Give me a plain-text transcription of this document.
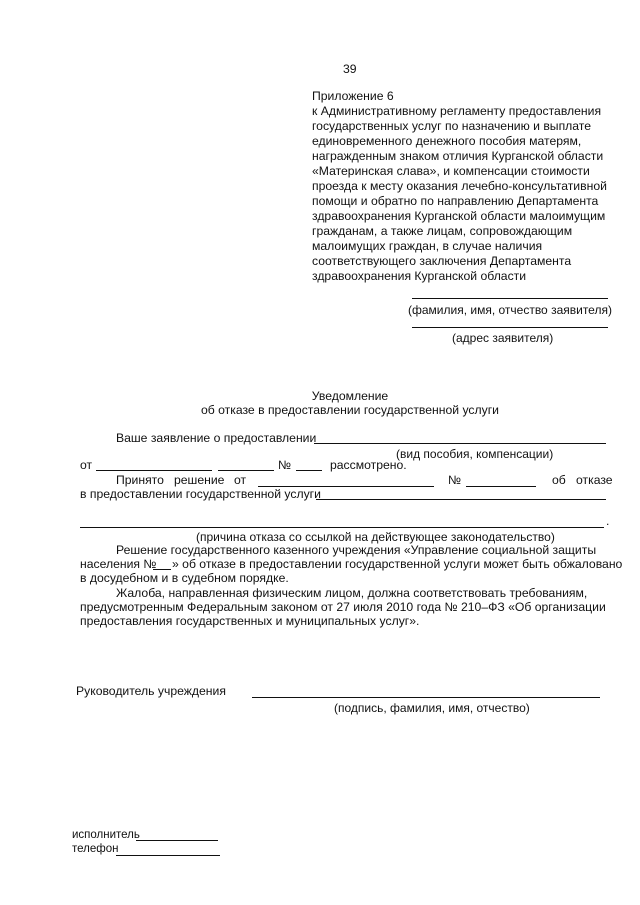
39
Приложение 6
к Административному регламенту предоставления
государственных услуг по назначению и выплате
единовременного денежного пособия матерям,
награжденным знаком отличия Курганской области
«Материнская слава», и компенсации стоимости
проезда к месту оказания лечебно-консультативной
помощи и обратно по направлению Департамента
здравоохранения Курганской области малоимущим
гражданам, а также лицам, сопровождающим
малоимущих граждан, в случае наличия
соответствующего заключения Департамента
здравоохранения Курганской области
(фамилия, имя, отчество заявителя)
(адрес заявителя)
Уведомление
об отказе в предоставлении государственной услуги
Ваше заявление о предоставлении
(вид пособия, компенсации)
от	№	рассмотрено.
Принято решение от	№	об отказе
в предоставлении государственной услуги
.
(причина отказа со ссылкой на действующее законодательство)
Решение государственного казенного учреждения «Управление социальной защиты
населения № » об отказе в предоставлении государственной услуги может быть обжаловано
в досудебном и в судебном порядке.
Жалоба, направленная физическим лицом, должна соответствовать требованиям,
предусмотренным Федеральным законом от 27 июля 2010 года № 210–ФЗ «Об организации
предоставления государственных и муниципальных услуг».
Руководитель учреждения
(подпись, фамилия, имя, отчество)
исполнитель
телефон
